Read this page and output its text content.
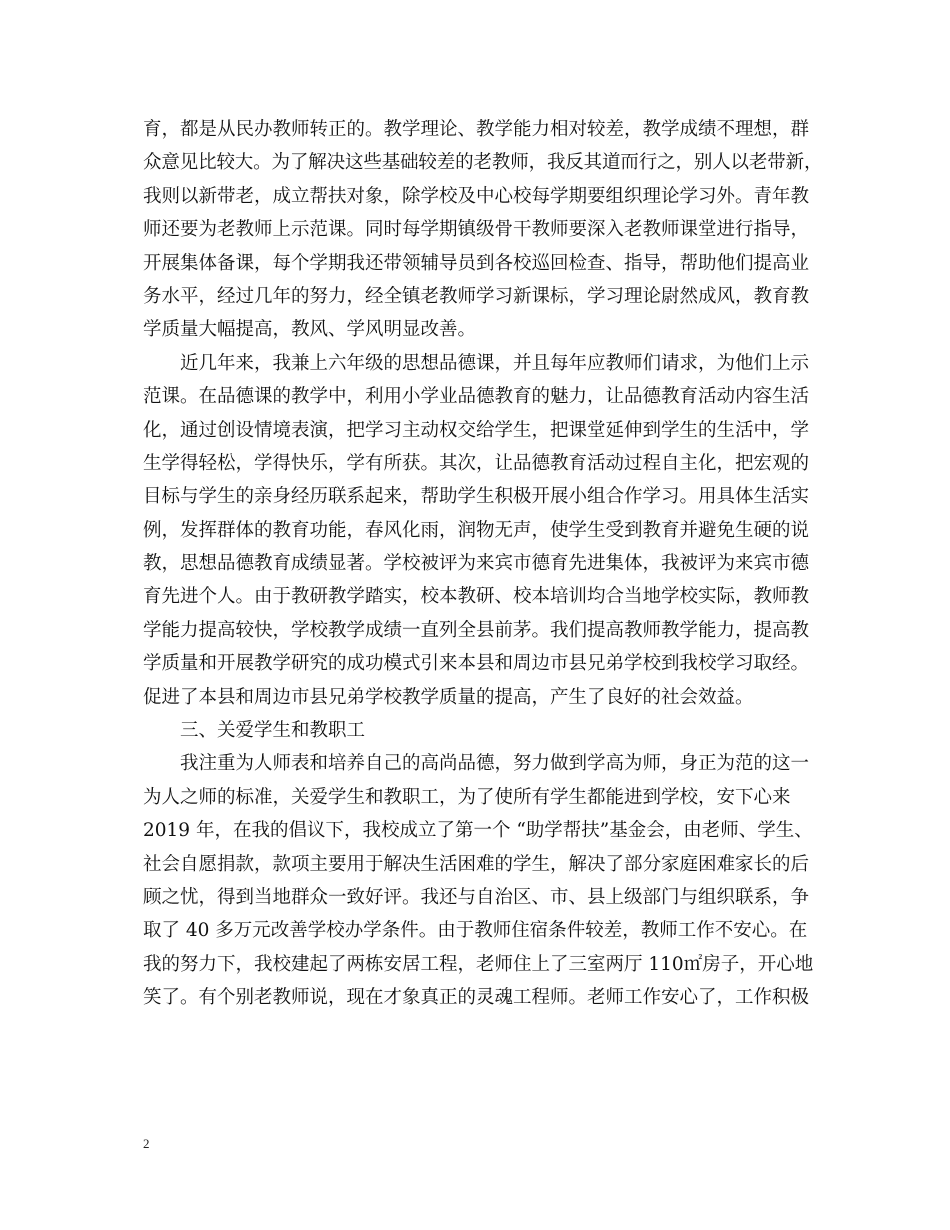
育，都是从民办教师转正的。教学理论、教学能力相对较差，教学成绩不理想，群
众意见比较大。为了解决这些基础较差的老教师，我反其道而行之，别人以老带新，
我则以新带老，成立帮扶对象，除学校及中心校每学期要组织理论学习外。青年教
师还要为老教师上示范课。同时每学期镇级骨干教师要深入老教师课堂进行指导，
开展集体备课，每个学期我还带领辅导员到各校巡回检查、指导，帮助他们提高业
务水平，经过几年的努力，经全镇老教师学习新课标，学习理论尉然成风，教育教
学质量大幅提高，教风、学风明显改善。
　　近几年来，我兼上六年级的思想品德课，并且每年应教师们请求，为他们上示
范课。在品德课的教学中，利用小学业品德教育的魅力，让品德教育活动内容生活
化，通过创设情境表演，把学习主动权交给学生，把课堂延伸到学生的生活中，学
生学得轻松，学得快乐，学有所获。其次，让品德教育活动过程自主化，把宏观的
目标与学生的亲身经历联系起来，帮助学生积极开展小组合作学习。用具体生活实
例，发挥群体的教育功能，春风化雨，润物无声，使学生受到教育并避免生硬的说
教，思想品德教育成绩显著。学校被评为来宾市德育先进集体，我被评为来宾市德
育先进个人。由于教研教学踏实，校本教研、校本培训均合当地学校实际，教师教
学能力提高较快，学校教学成绩一直列全县前茅。我们提高教师教学能力，提高教
学质量和开展教学研究的成功模式引来本县和周边市县兄弟学校到我校学习取经。
促进了本县和周边市县兄弟学校教学质量的提高，产生了良好的社会效益。
　　三、关爱学生和教职工
　　我注重为人师表和培养自己的高尚品德，努力做到学高为师，身正为范的这一
为人之师的标准，关爱学生和教职工，为了使所有学生都能进到学校，安下心来
2019 年，在我的倡议下，我校成立了第一个 “助学帮扶”基金会，由老师、学生、
社会自愿捐款，款项主要用于解决生活困难的学生，解决了部分家庭困难家长的后
顾之忧，得到当地群众一致好评。我还与自治区、市、县上级部门与组织联系，争
取了 40 多万元改善学校办学条件。由于教师住宿条件较差，教师工作不安心。在
我的努力下，我校建起了两栋安居工程，老师住上了三室两厅 110㎡房子，开心地
笑了。有个别老教师说，现在才象真正的灵魂工程师。老师工作安心了，工作积极
2
